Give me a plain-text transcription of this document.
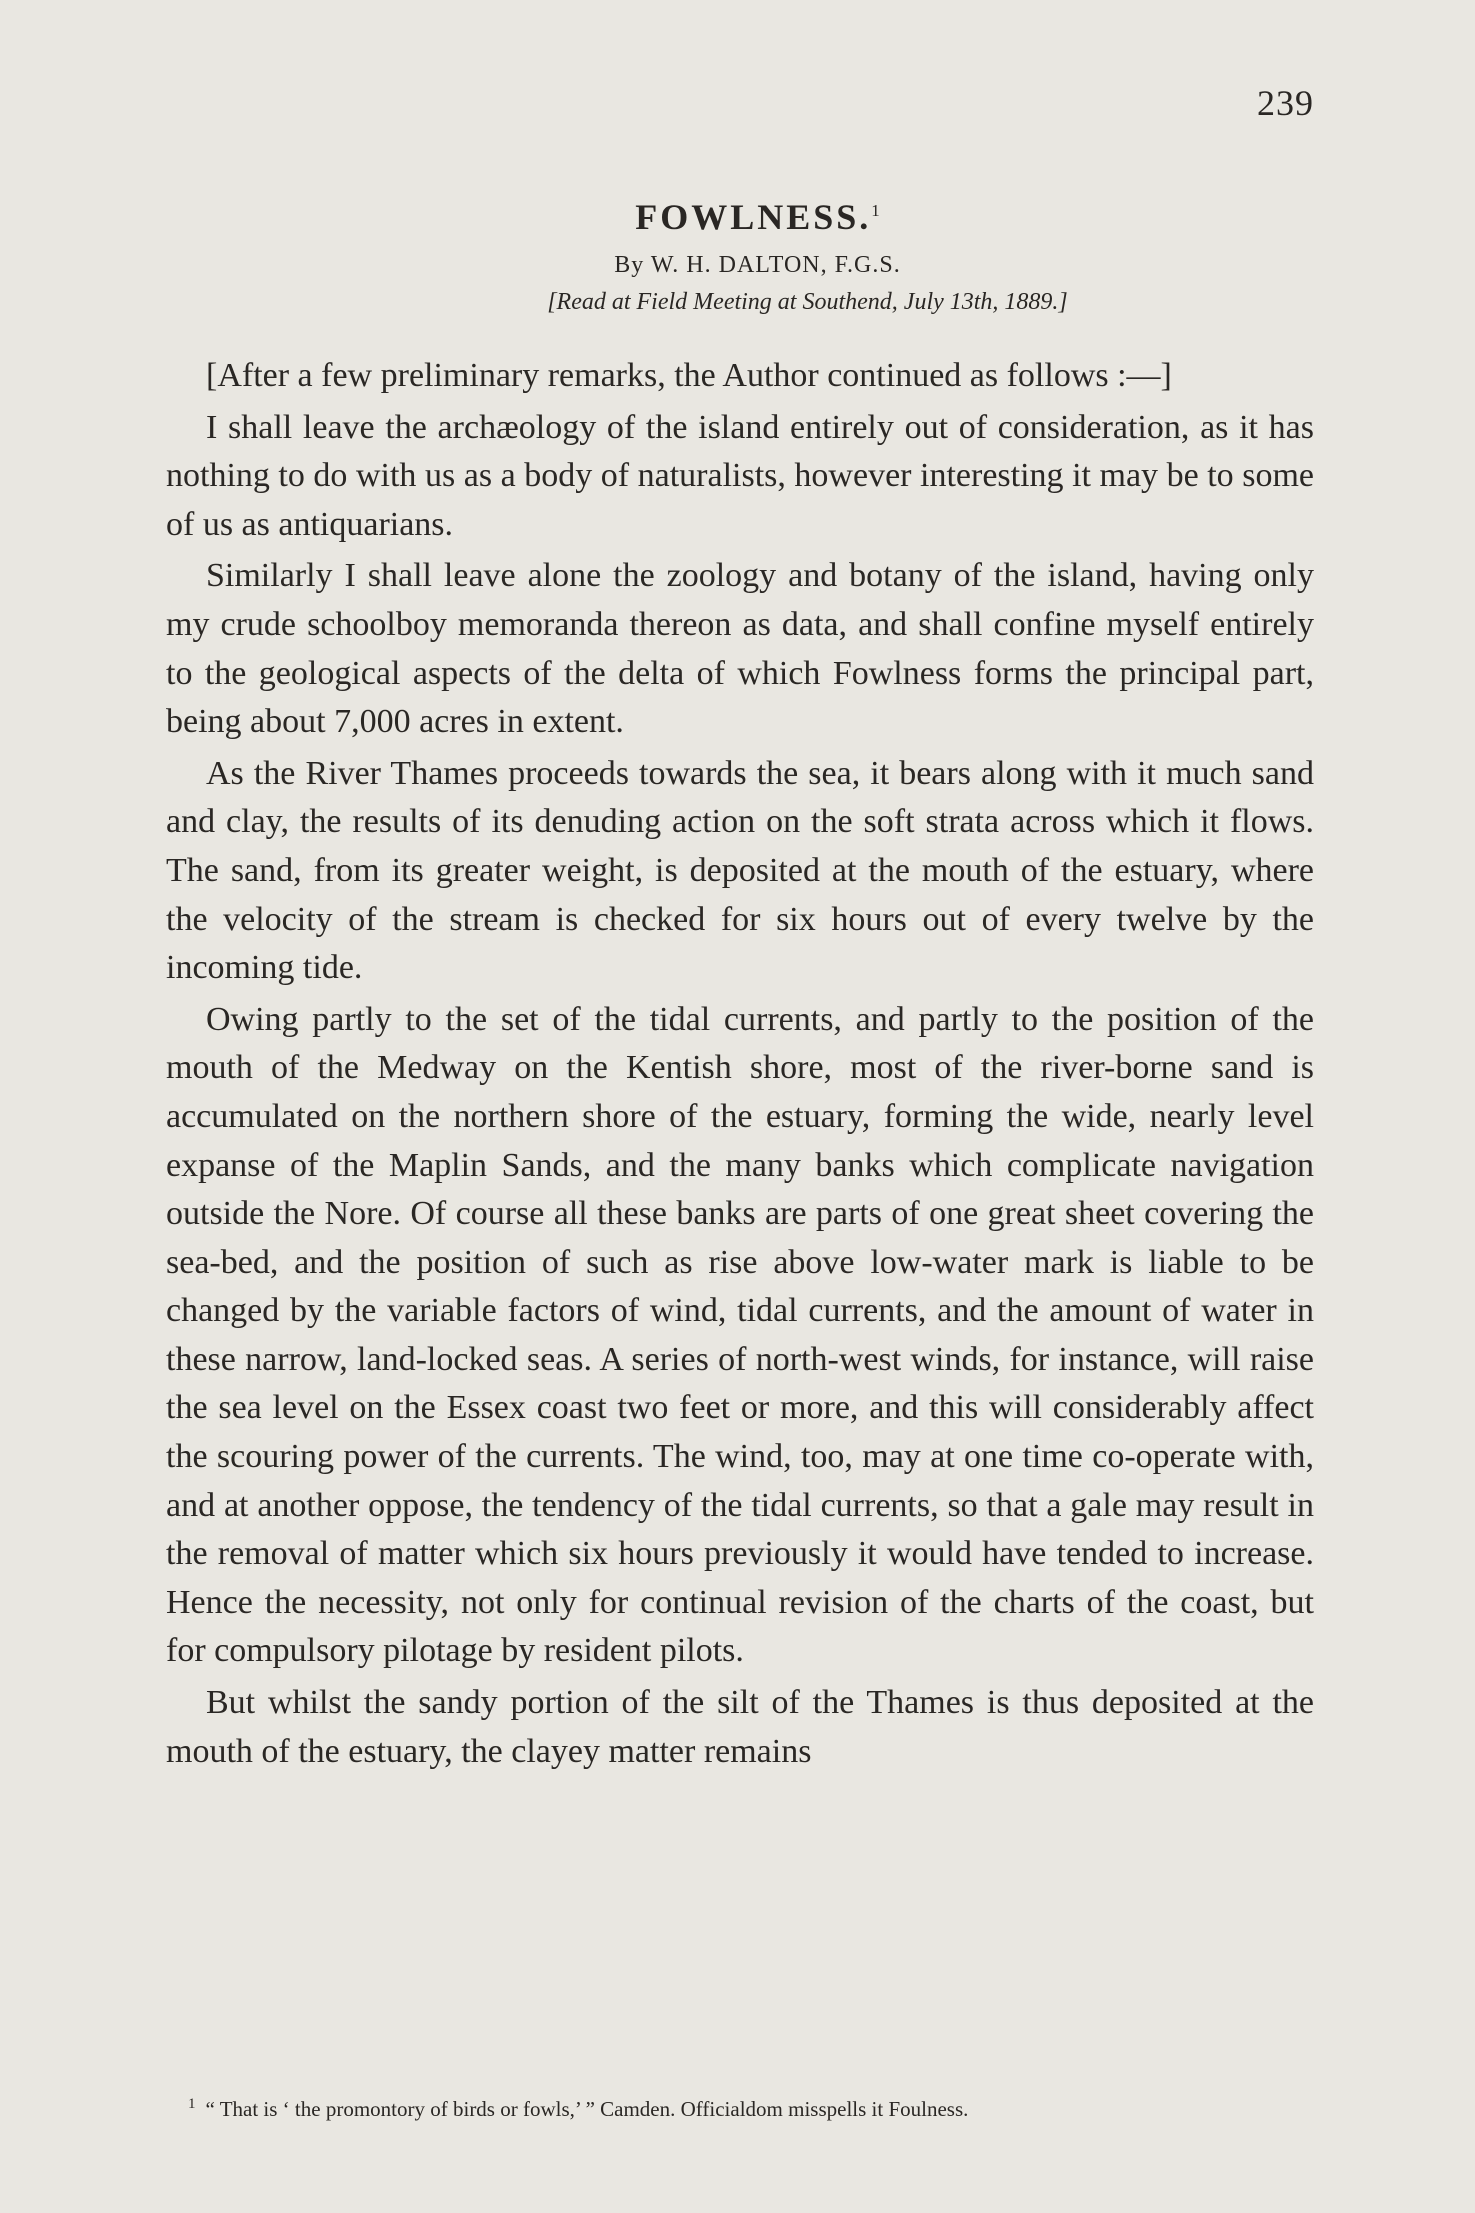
239
FOWLNESS.$^1$
By W. H. DALTON, F.G.S.
[Read at Field Meeting at Southend, July 13th, 1889.]

[After a few preliminary remarks, the Author continued as follows :—]

I shall leave the archæology of the island entirely out of consideration, as it has nothing to do with us as a body of naturalists, however interesting it may be to some of us as antiquarians.

Similarly I shall leave alone the zoology and botany of the island, having only my crude schoolboy memoranda thereon as data, and shall confine myself entirely to the geological aspects of the delta of which Fowlness forms the principal part, being about 7,000 acres in extent.

As the River Thames proceeds towards the sea, it bears along with it much sand and clay, the results of its denuding action on the soft strata across which it flows. The sand, from its greater weight, is deposited at the mouth of the estuary, where the velocity of the stream is checked for six hours out of every twelve by the incoming tide.

Owing partly to the set of the tidal currents, and partly to the position of the mouth of the Medway on the Kentish shore, most of the river-borne sand is accumulated on the northern shore of the estuary, forming the wide, nearly level expanse of the Maplin Sands, and the many banks which complicate navigation outside the Nore. Of course all these banks are parts of one great sheet covering the sea-bed, and the position of such as rise above low-water mark is liable to be changed by the variable factors of wind, tidal currents, and the amount of water in these narrow, land-locked seas. A series of north-west winds, for instance, will raise the sea level on the Essex coast two feet or more, and this will considerably affect the scouring power of the currents. The wind, too, may at one time co-operate with, and at another oppose, the tendency of the tidal currents, so that a gale may result in the removal of matter which six hours previously it would have tended to increase. Hence the necessity, not only for continual revision of the charts of the coast, but for compulsory pilotage by resident pilots.

But whilst the sandy portion of the silt of the Thames is thus deposited at the mouth of the estuary, the clayey matter remains

$^1$ “ That is ‘ the promontory of birds or fowls,’ ” Camden. Officialdom misspells it Foulness.
